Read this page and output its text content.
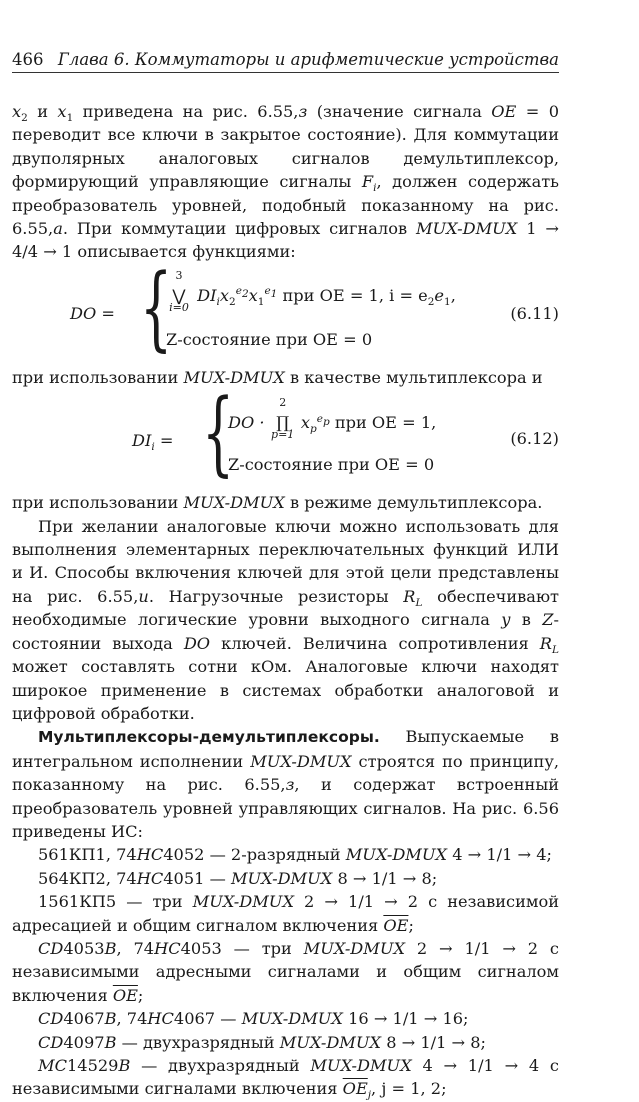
466 Глава 6. Коммутаторы и арифметические устройства

$x_2$ и $x_1$ приведена на рис. 6.55,з (значение сигнала OE = 0 переводит все ключи в закрытое состояние). Для коммутации двуполярных аналоговых сигналов демультиплексор, формирующий управляющие сигналы $F_i$, должен содержать преобразователь уровней, подобный показанному на рис. 6.55,а. При коммутации цифровых сигналов MUX-DMUX 1 → 4/4 → 1 описывается функциями:

DO = { 3
⋁
i=0
$DI_ix_2^{e_2}x_1^{e_1}$ при OE = 1, $i = e_2e_1$,
Z-состояние при OE = 0
(6.11)

при использовании MUX-DMUX в качестве мультиплексора и

$DI_i$ = {
DO ·
2
∏
p=1
$x_p^{e_p}$ при OE = 1,
Z-состояние при OE = 0
(6.12)

при использовании MUX-DMUX в режиме демультиплексора.

При желании аналоговые ключи можно использовать для выполнения элементарных переключательных функций ИЛИ и И. Способы включения ключей для этой цели представлены на рис. 6.55,и. Нагрузочные резисторы $R_L$ обеспечивают необходимые логические уровни выходного сигнала y в Z-состоянии выхода DO ключей. Величина сопротивления $R_L$ может составлять сотни кОм. Аналоговые ключи находят широкое применение в системах обработки аналоговой и цифровой обработки.

Мультиплексоры-демультиплексоры. Выпускаемые в интегральном исполнении MUX-DMUX строятся по принципу, показанному на рис. 6.55,з, и содержат встроенный преобразователь уровней управляющих сигналов. На рис. 6.56 приведены ИС:

561КП1, 74HC4052 — 2-разрядный MUX-DMUX 4 → 1/1 → 4;

564КП2, 74HC4051 — MUX-DMUX 8 → 1/1 → 8;

1561КП5 — три MUX-DMUX 2 → 1/1 → 2 с независимой адресацией и общим сигналом включения $\overline{OE}$;

CD4053B, 74HC4053 — три MUX-DMUX 2 → 1/1 → 2 с независимыми адресными сигналами и общим сигналом включения $\overline{OE}$;

CD4067B, 74HC4067 — MUX-DMUX 16 → 1/1 → 16;

CD4097B — двухразрядный MUX-DMUX 8 → 1/1 → 8;

MC14529B — двухразрядный MUX-DMUX 4 → 1/1 → 4 с независимыми сигналами включения $\overline{OE}_j$, j = 1, 2;
